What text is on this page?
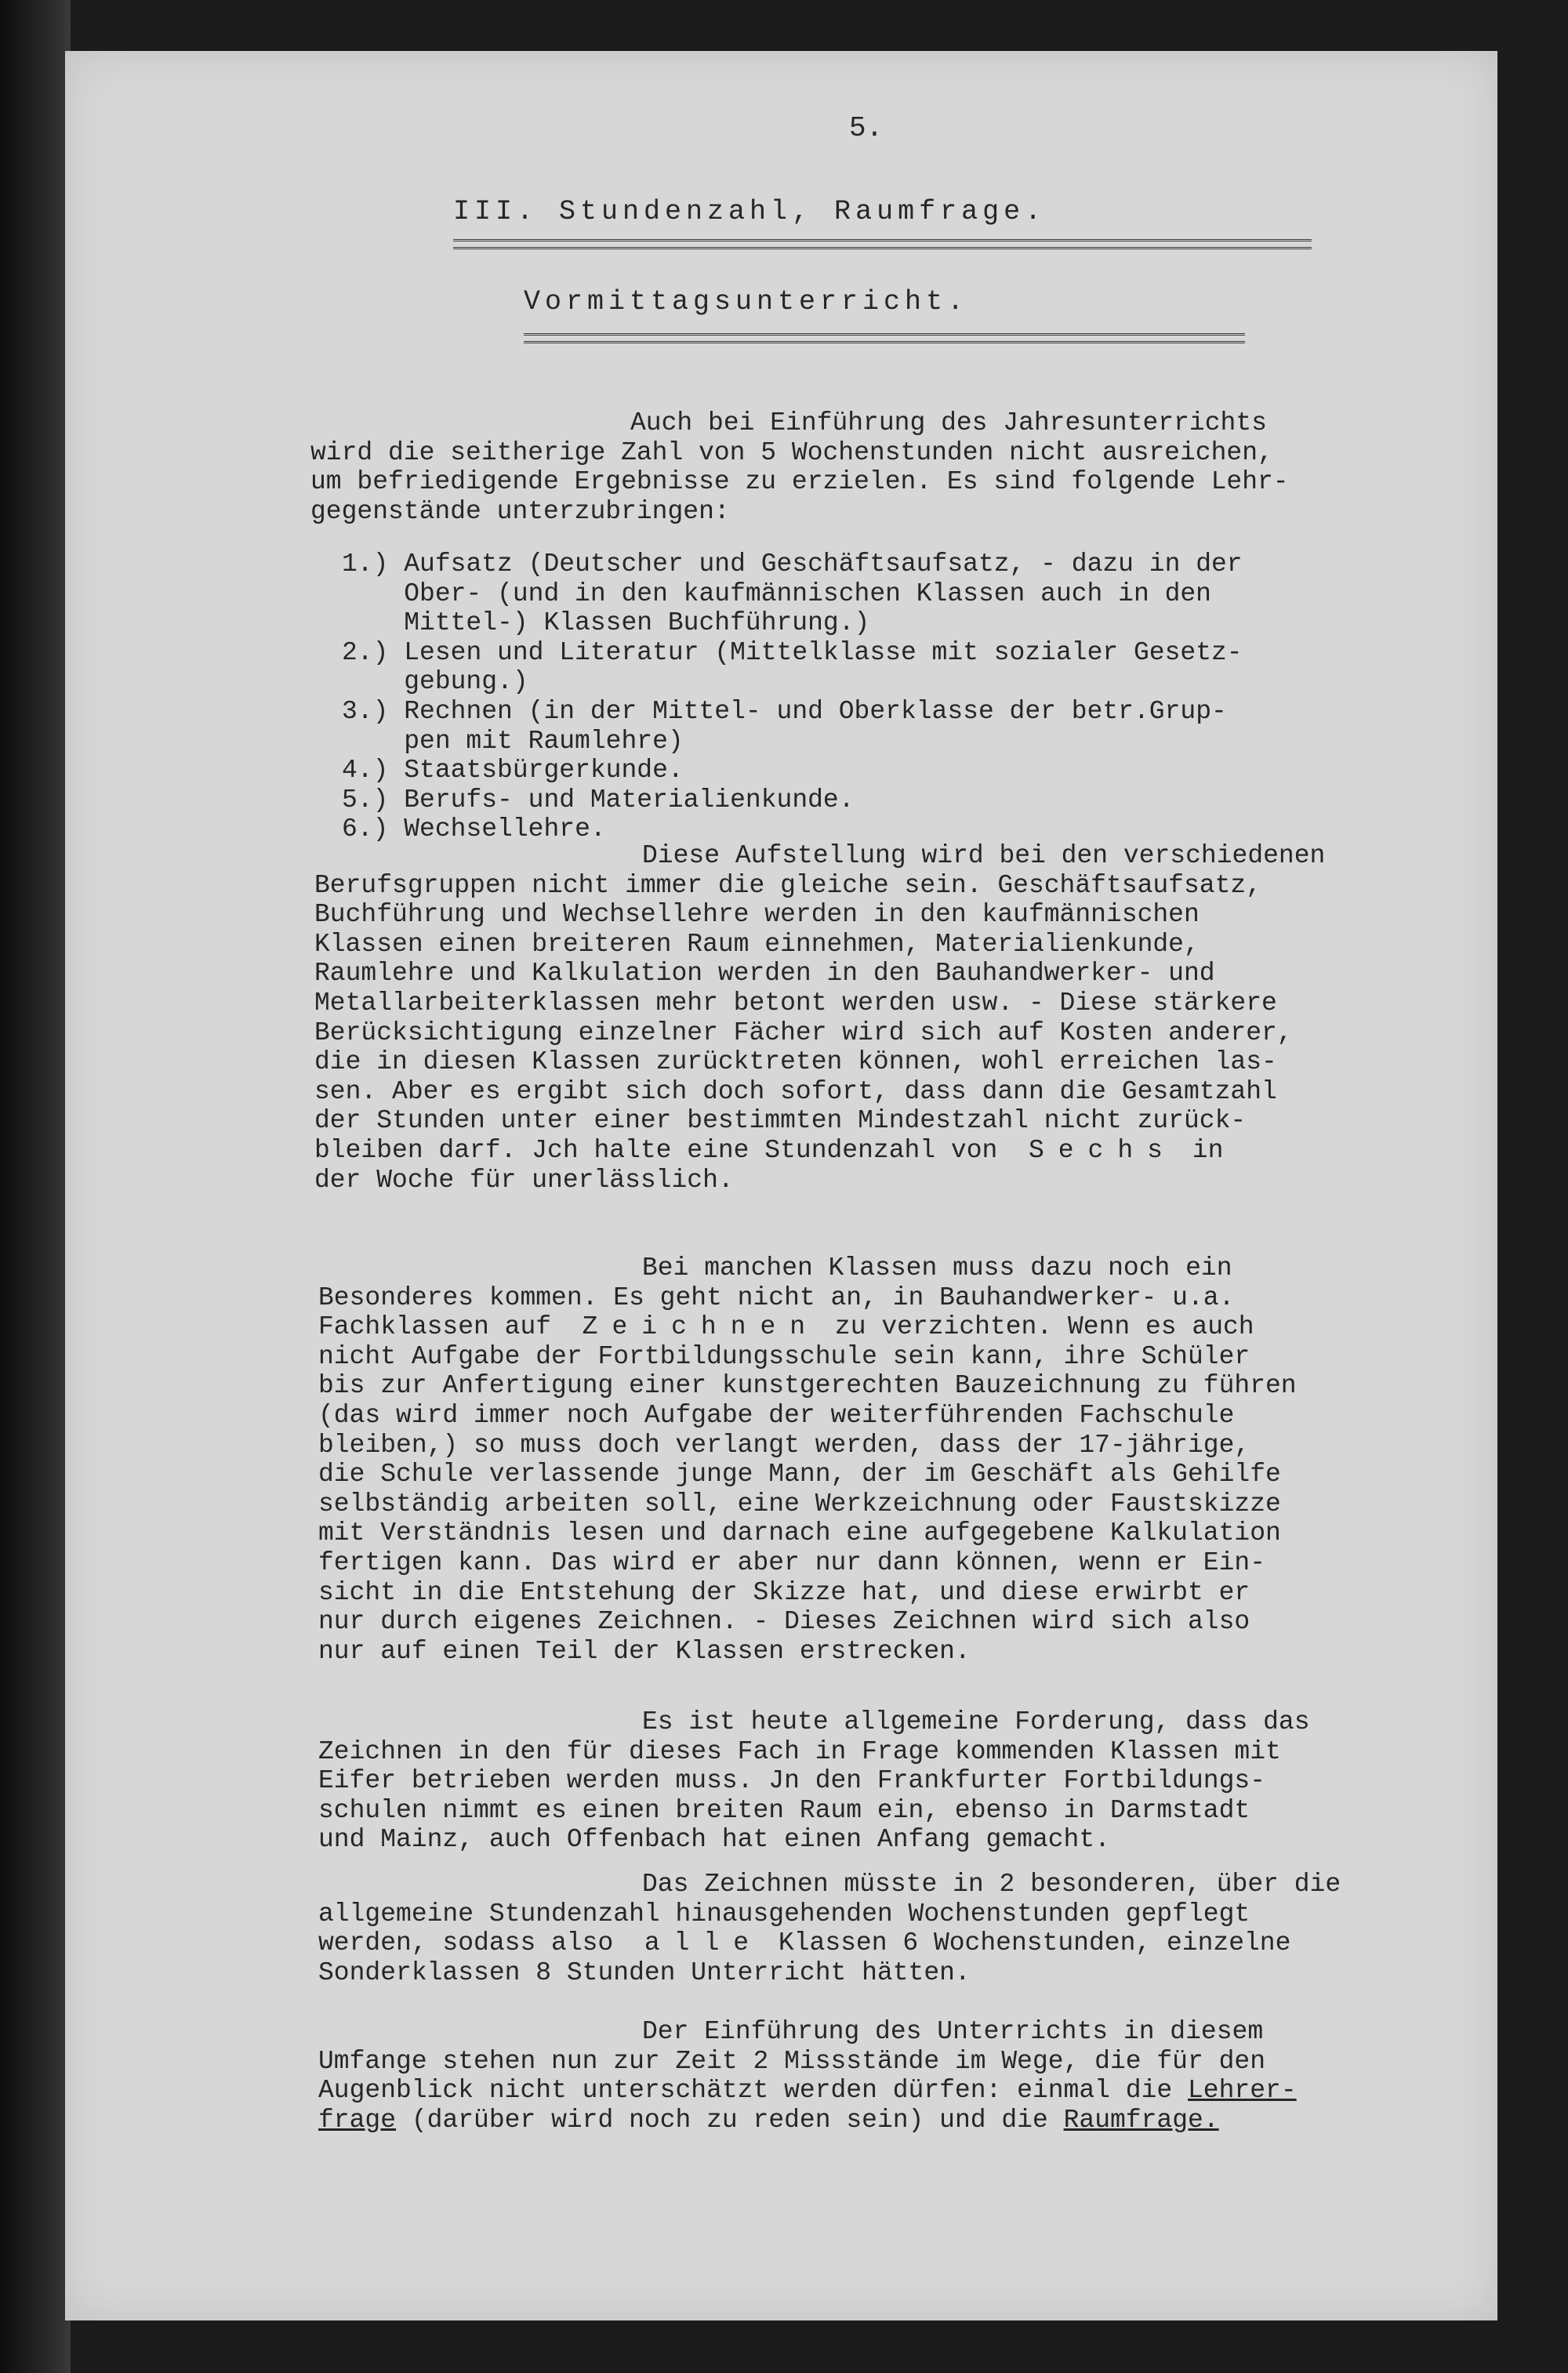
5.
III. Stundenzahl, Raumfrage.
Vormittagsunterricht.
Auch bei Einführung des Jahresunterrichts
wird die seitherige Zahl von 5 Wochenstunden nicht ausreichen,
um befriedigende Ergebnisse zu erzielen. Es sind folgende Lehr-
gegenstände unterzubringen:
1.) Aufsatz (Deutscher und Geschäftsaufsatz, - dazu in der
Ober- (und in den kaufmännischen Klassen auch in den
Mittel-) Klassen Buchführung.)
2.) Lesen und Literatur (Mittelklasse mit sozialer Gesetz-
gebung.)
3.) Rechnen (in der Mittel- und Oberklasse der betr.Grup-
pen mit Raumlehre)
4.) Staatsbürgerkunde.
5.) Berufs- und Materialienkunde.
6.) Wechsellehre.
Diese Aufstellung wird bei den verschiedenen
Berufsgruppen nicht immer die gleiche sein. Geschäftsaufsatz,
Buchführung und Wechsellehre werden in den kaufmännischen
Klassen einen breiteren Raum einnehmen, Materialienkunde,
Raumlehre und Kalkulation werden in den Bauhandwerker- und
Metallarbeiterklassen mehr betont werden usw. - Diese stärkere
Berücksichtigung einzelner Fächer wird sich auf Kosten anderer,
die in diesen Klassen zurücktreten können, wohl erreichen las-
sen. Aber es ergibt sich doch sofort, dass dann die Gesamtzahl
der Stunden unter einer bestimmten Mindestzahl nicht zurück-
bleiben darf. Jch halte eine Stundenzahl von Sechs in
der Woche für unerlässlich.
Bei manchen Klassen muss dazu noch ein
Besonderes kommen. Es geht nicht an, in Bauhandwerker- u.a.
Fachklassen auf Zeichnen zu verzichten. Wenn es auch
nicht Aufgabe der Fortbildungsschule sein kann, ihre Schüler
bis zur Anfertigung einer kunstgerechten Bauzeichnung zu führen
(das wird immer noch Aufgabe der weiterführenden Fachschule
bleiben,) so muss doch verlangt werden, dass der 17-jährige,
die Schule verlassende junge Mann, der im Geschäft als Gehilfe
selbständig arbeiten soll, eine Werkzeichnung oder Faustskizze
mit Verständnis lesen und darnach eine aufgegebene Kalkulation
fertigen kann. Das wird er aber nur dann können, wenn er Ein-
sicht in die Entstehung der Skizze hat, und diese erwirbt er
nur durch eigenes Zeichnen. - Dieses Zeichnen wird sich also
nur auf einen Teil der Klassen erstrecken.
Es ist heute allgemeine Forderung, dass das
Zeichnen in den für dieses Fach in Frage kommenden Klassen mit
Eifer betrieben werden muss. Jn den Frankfurter Fortbildungs-
schulen nimmt es einen breiten Raum ein, ebenso in Darmstadt
und Mainz, auch Offenbach hat einen Anfang gemacht.
Das Zeichnen müsste in 2 besonderen, über die
allgemeine Stundenzahl hinausgehenden Wochenstunden gepflegt
werden, sodass also alle Klassen 6 Wochenstunden, einzelne
Sonderklassen 8 Stunden Unterricht hätten.
Der Einführung des Unterrichts in diesem
Umfange stehen nun zur Zeit 2 Missstände im Wege, die für den
Augenblick nicht unterschätzt werden dürfen: einmal die Lehrer-
frage (darüber wird noch zu reden sein) und die Raumfrage.
